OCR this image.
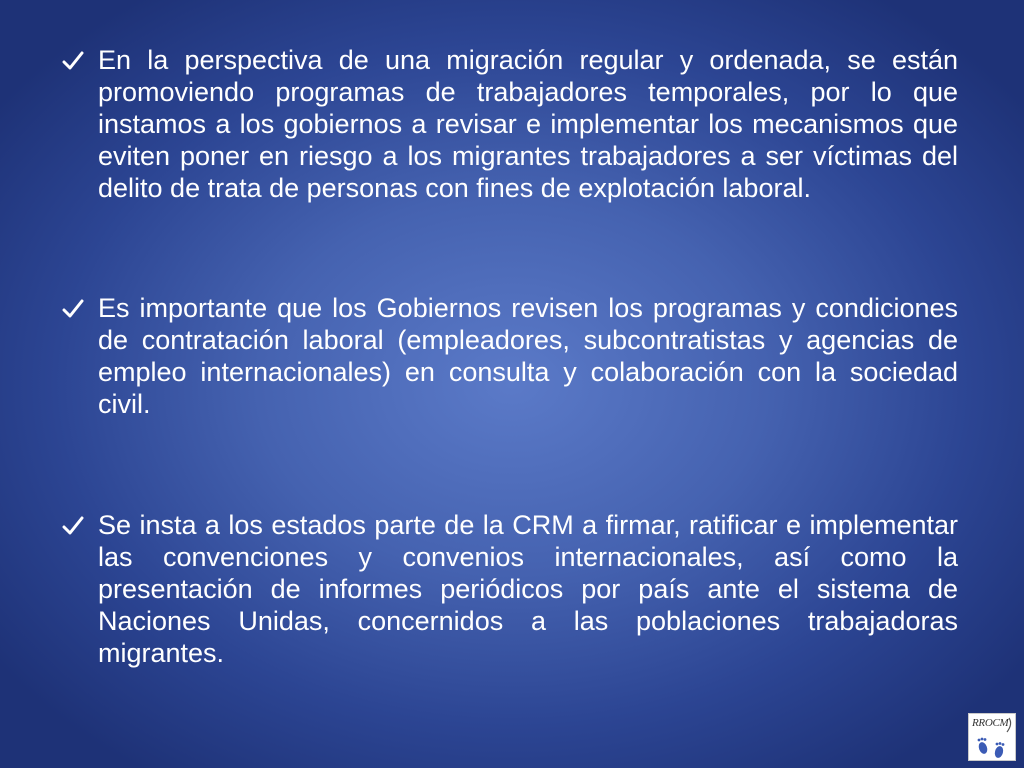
En la perspectiva de una migración regular y ordenada, se están promoviendo programas de trabajadores temporales, por lo que instamos a los gobiernos a revisar e implementar los mecanismos que eviten poner en riesgo a los migrantes trabajadores a ser víctimas del delito de trata de personas con fines de explotación laboral.
Es importante que los Gobiernos revisen los programas y condiciones de contratación laboral (empleadores, subcontratistas y agencias de empleo internacionales) en consulta y colaboración con la sociedad civil.
Se insta a los estados parte de la CRM a firmar, ratificar e implementar las convenciones y convenios internacionales, así como la presentación de informes periódicos por país ante el sistema de Naciones Unidas, concernidos a las poblaciones trabajadoras migrantes.
RROCM
